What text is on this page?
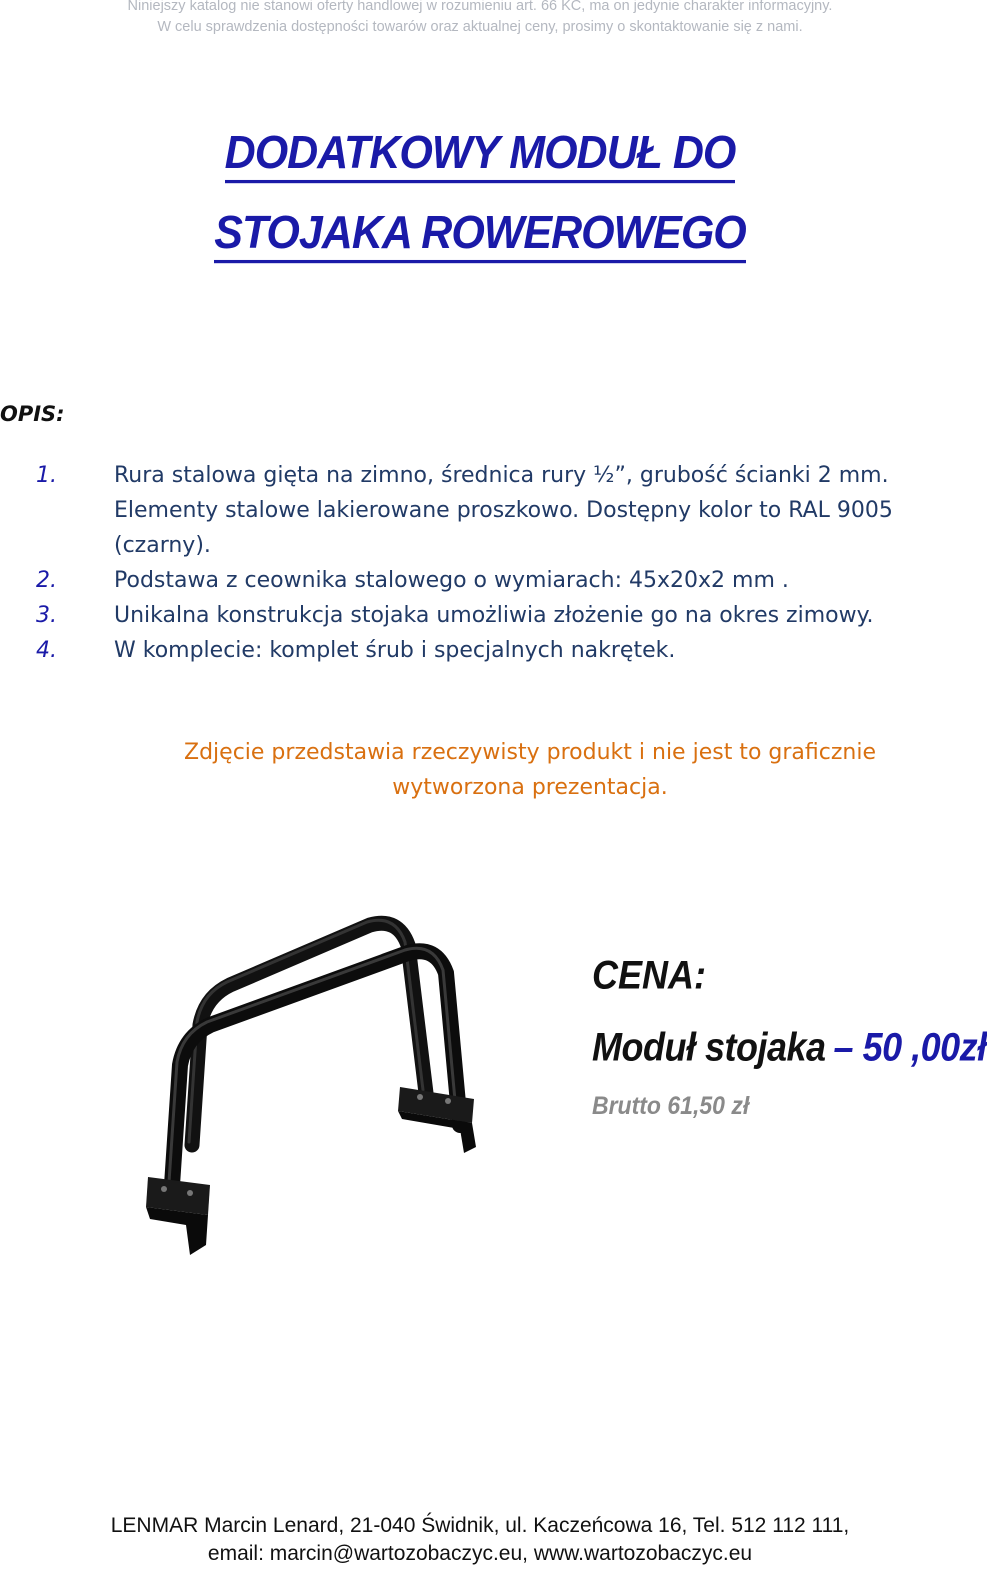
Niniejszy katalog nie stanowi oferty handlowej w rozumieniu art. 66 KC, ma on jedynie charakter informacyjny.
W celu sprawdzenia dostępności towarów oraz aktualnej ceny, prosimy o skontaktowanie się z nami.
DODATKOWY MODUŁ DO
STOJAKA ROWEROWEGO
OPIS:
1.	Rura stalowa gięta na zimno, średnica rury ½”, grubość ścianki 2 mm. Elementy stalowe lakierowane proszkowo. Dostępny kolor to RAL 9005 (czarny).
2.	Podstawa z ceownika stalowego o wymiarach: 45x20x2 mm .
3.	Unikalna konstrukcja stojaka umożliwia złożenie go na okres zimowy.
4.	W komplecie: komplet śrub i specjalnych nakrętek.
Zdjęcie przedstawia rzeczywisty produkt i nie jest to graficznie wytworzona prezentacja.
CENA:
Moduł stojaka – 50 ,00zł
Brutto 61,50 zł
LENMAR Marcin Lenard, 21-040 Świdnik, ul. Kaczeńcowa 16, Tel. 512 112 111,
email: marcin@wartozobaczyc.eu, www.wartozobaczyc.eu
